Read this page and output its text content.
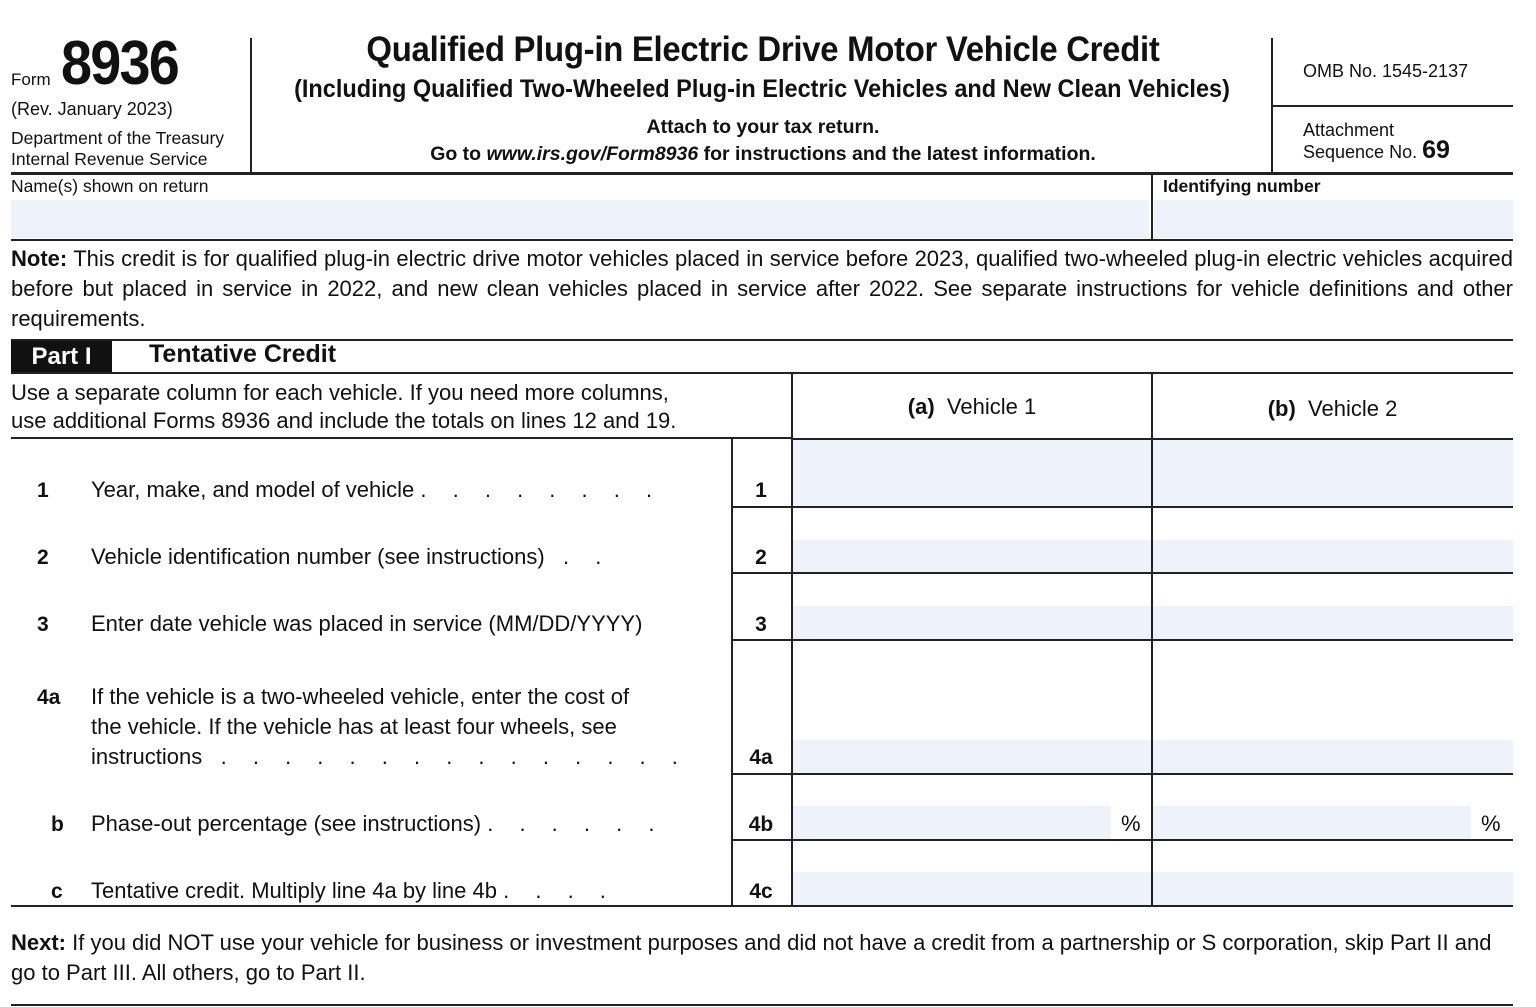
Form 8936
(Rev. January 2023)
Department of the Treasury
Internal Revenue Service
Qualified Plug-in Electric Drive Motor Vehicle Credit
(Including Qualified Two-Wheeled Plug-in Electric Vehicles and New Clean Vehicles)
Attach to your tax return.
Go to www.irs.gov/Form8936 for instructions and the latest information.
OMB No. 1545-2137
Attachment
Sequence No. 69
Name(s) shown on return	Identifying number
Note: This credit is for qualified plug-in electric drive motor vehicles placed in service before 2023, qualified two-wheeled plug-in electric vehicles acquired before but placed in service in 2022, and new clean vehicles placed in service after 2022. See separate instructions for vehicle definitions and other requirements.
Part I	Tentative Credit
Use a separate column for each vehicle. If you need more columns,
use additional Forms 8936 and include the totals on lines 12 and 19.
(a) Vehicle 1	(b) Vehicle 2
1 Year, make, and model of vehicle . . . . . . . .	1
2 Vehicle identification number (see instructions) . .	2
3 Enter date vehicle was placed in service (MM/DD/YYYY)	3
4a If the vehicle is a two-wheeled vehicle, enter the cost of
the vehicle. If the vehicle has at least four wheels, see
instructions . . . . . . . . . . . . . . .	4a
b Phase-out percentage (see instructions) . . . . . .	4b	%	%
c Tentative credit. Multiply line 4a by line 4b . . . .	4c
Next: If you did NOT use your vehicle for business or investment purposes and did not have a credit from a partnership or S corporation, skip Part II and go to Part III. All others, go to Part II.
